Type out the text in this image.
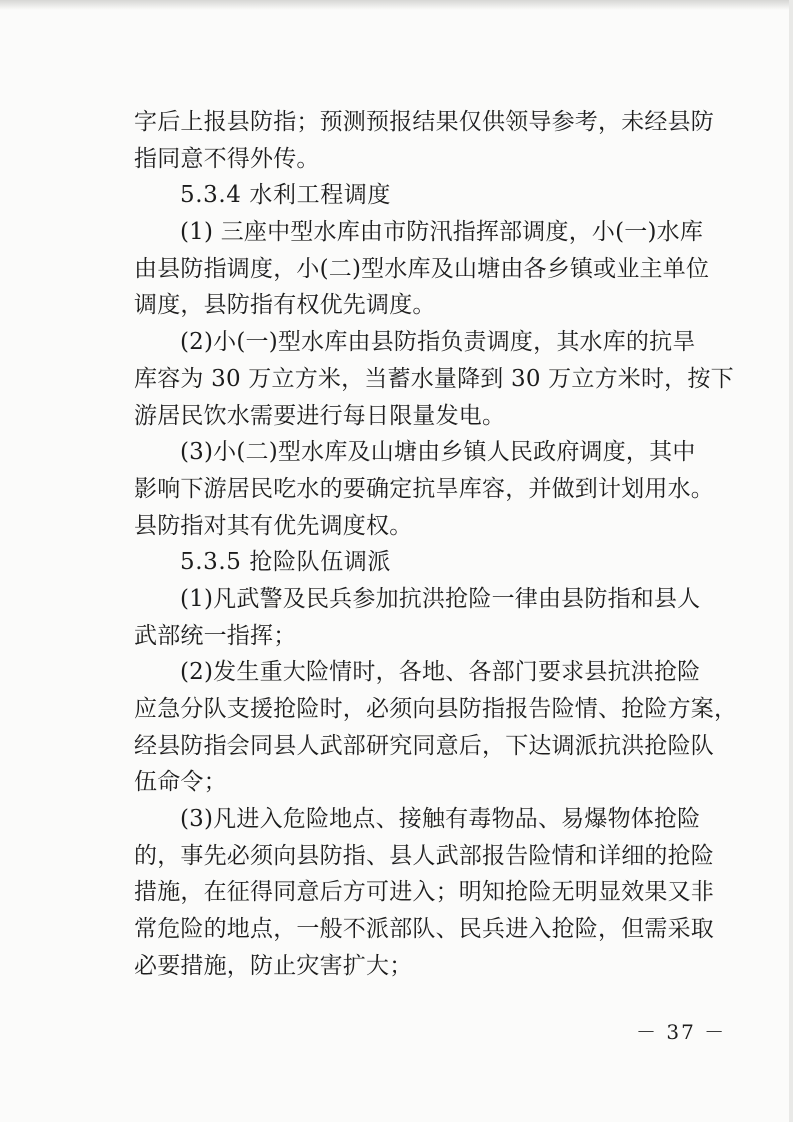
字后上报县防指；预测预报结果仅供领导参考，未经县防
指同意不得外传。
5.3.4 水利工程调度
(1) 三座中型水库由市防汛指挥部调度，小(一)水库
由县防指调度，小(二)型水库及山塘由各乡镇或业主单位
调度，县防指有权优先调度。
(2)小(一)型水库由县防指负责调度，其水库的抗旱
库容为 30 万立方米，当蓄水量降到 30 万立方米时，按下
游居民饮水需要进行每日限量发电。
(3)小(二)型水库及山塘由乡镇人民政府调度，其中
影响下游居民吃水的要确定抗旱库容，并做到计划用水。
县防指对其有优先调度权。
5.3.5 抢险队伍调派
(1)凡武警及民兵参加抗洪抢险一律由县防指和县人
武部统一指挥；
(2)发生重大险情时，各地、各部门要求县抗洪抢险
应急分队支援抢险时，必须向县防指报告险情、抢险方案，
经县防指会同县人武部研究同意后，下达调派抗洪抢险队
伍命令；
(3)凡进入危险地点、接触有毒物品、易爆物体抢险
的，事先必须向县防指、县人武部报告险情和详细的抢险
措施，在征得同意后方可进入；明知抢险无明显效果又非
常危险的地点，一般不派部队、民兵进入抢险，但需采取
必要措施，防止灾害扩大；
－ 37 －
